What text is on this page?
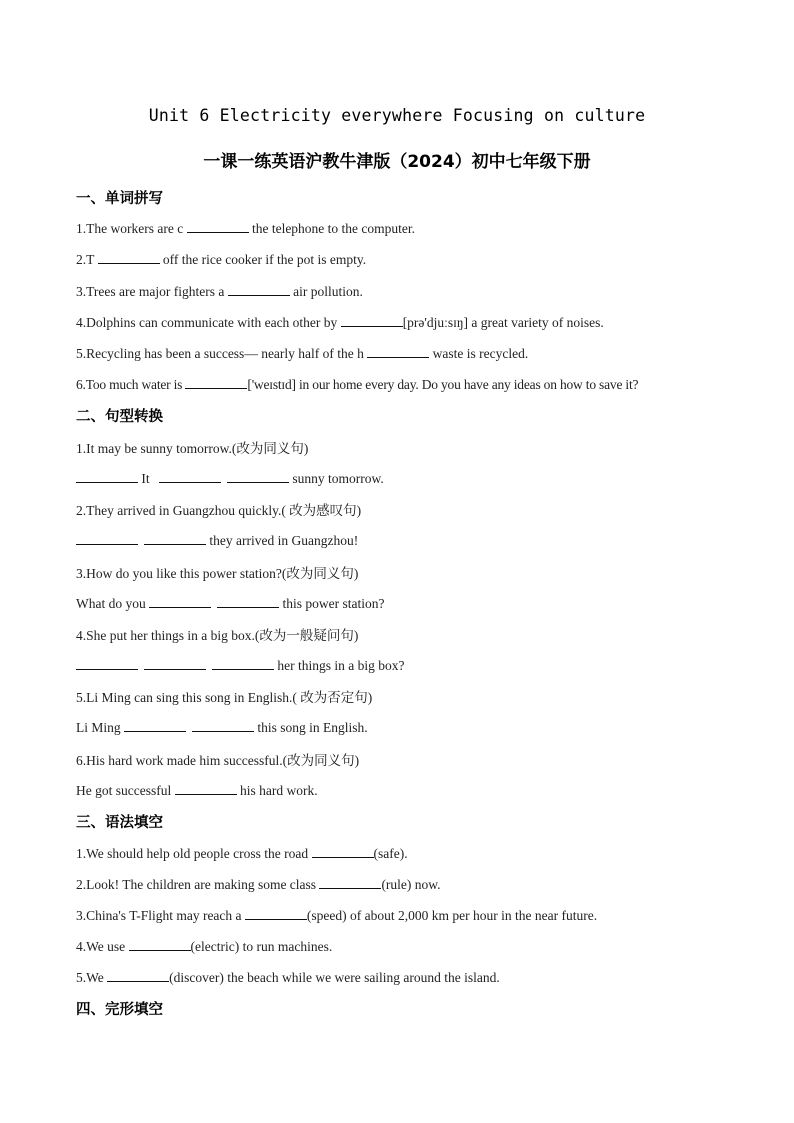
Unit 6 Electricity everywhere Focusing on culture
一课一练英语沪教牛津版（2024）初中七年级下册
一、单词拼写
1.The workers are c	the telephone to the computer.
2.T	off the rice cooker if the pot is empty.
3.Trees are major fighters a	air pollution.
4.Dolphins can communicate with each other by	[prə'djuːsɪŋ] a great variety of noises.
5.Recycling has been a success— nearly half of the h	waste is recycled.
6.Too much water is	['weɪstɪd] in our home every day. Do you have any ideas on how to save it?
二、句型转换
1.It may be sunny tomorrow.(改为同义句)
It	sunny tomorrow.
2.They arrived in Guangzhou quickly.( 改为感叹句)
they arrived in Guangzhou!
3.How do you like this power station?(改为同义句)
What do you	this power station?
4.She put her things in a big box.(改为一般疑问句)
her things in a big box?
5.Li Ming can sing this song in English.( 改为否定句)
Li Ming	this song in English.
6.His hard work made him successful.(改为同义句)
He got successful	his hard work.
三、语法填空
1.We should help old people cross the road	(safe).
2.Look! The children are making some class	(rule) now.
3.China's T-Flight may reach a	(speed) of about 2,000 km per hour in the near future.
4.We use	(electric) to run machines.
5.We	(discover) the beach while we were sailing around the island.
四、完形填空
